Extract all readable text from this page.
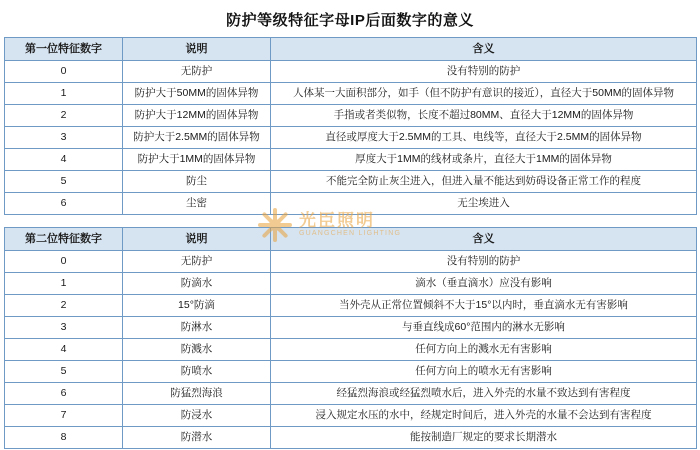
防护等级特征字母IP后面数字的意义
第一位特征数字	说明	含义
0	无防护	没有特别的防护
1	防护大于50MM的固体异物	人体某一大面积部分，如手（但不防护有意识的接近），直径大于50MM的固体异物
2	防护大于12MM的固体异物	手指或者类似物，长度不超过80MM、直径大于12MM的固体异物
3	防护大于2.5MM的固体异物	直径或厚度大于2.5MM的工具、电线等，直径大于2.5MM的固体异物
4	防护大于1MM的固体异物	厚度大于1MM的线材或条片，直径大于1MM的固体异物
5	防尘	不能完全防止灰尘进入，但进入量不能达到妨碍设备正常工作的程度
6	尘密	无尘埃进入
第二位特征数字	说明	含义
0	无防护	没有特别的防护
1	防滴水	滴水（垂直滴水）应没有影响
2	15°防滴	当外壳从正常位置倾斜不大于15°以内时，垂直滴水无有害影响
3	防淋水	与垂直线成60°范围内的淋水无影响
4	防溅水	任何方向上的溅水无有害影响
5	防喷水	任何方向上的喷水无有害影响
6	防猛烈海浪	经猛烈海浪或经猛烈喷水后，进入外壳的水量不致达到有害程度
7	防浸水	浸入规定水压的水中，经规定时间后，进入外壳的水量不会达到有害程度
8	防潜水	能按制造厂规定的要求长期潜水
光臣照明
GUANGCHEN LIGHTING
